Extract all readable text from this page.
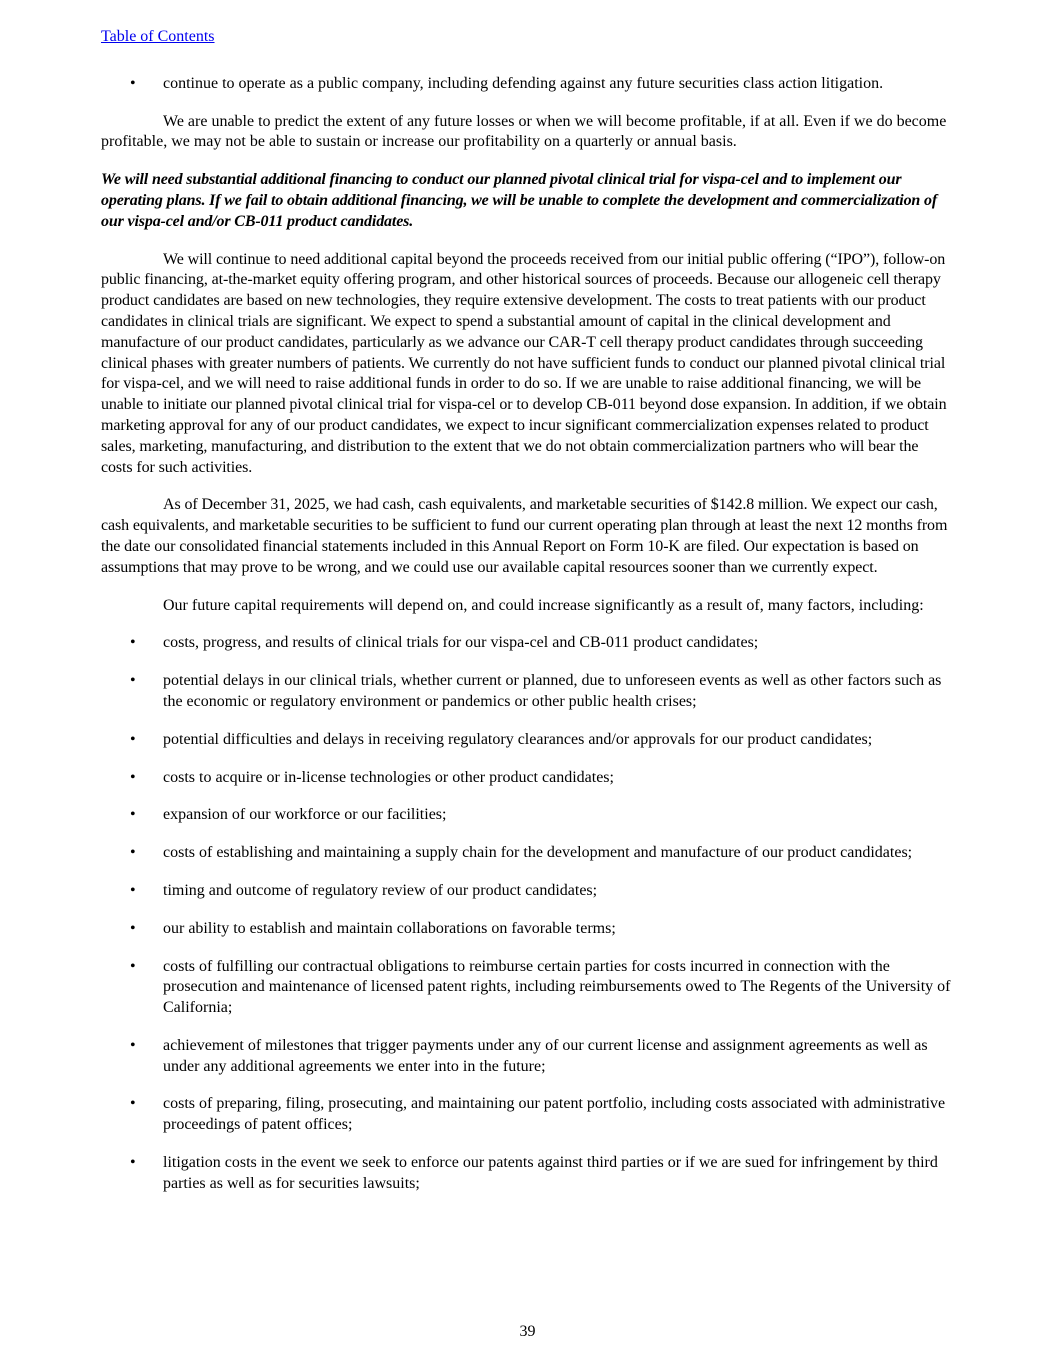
Table of Contents

• continue to operate as a public company, including defending against any future securities class action litigation.

We are unable to predict the extent of any future losses or when we will become profitable, if at all. Even if we do become profitable, we may not be able to sustain or increase our profitability on a quarterly or annual basis.

We will need substantial additional financing to conduct our planned pivotal clinical trial for vispa-cel and to implement our operating plans. If we fail to obtain additional financing, we will be unable to complete the development and commercialization of our vispa-cel and/or CB-011 product candidates.

We will continue to need additional capital beyond the proceeds received from our initial public offering (“IPO”), follow-on public financing, at-the-market equity offering program, and other historical sources of proceeds. Because our allogeneic cell therapy product candidates are based on new technologies, they require extensive development. The costs to treat patients with our product candidates in clinical trials are significant. We expect to spend a substantial amount of capital in the clinical development and manufacture of our product candidates, particularly as we advance our CAR-T cell therapy product candidates through succeeding clinical phases with greater numbers of patients. We currently do not have sufficient funds to conduct our planned pivotal clinical trial for vispa-cel, and we will need to raise additional funds in order to do so. If we are unable to raise additional financing, we will be unable to initiate our planned pivotal clinical trial for vispa-cel or to develop CB-011 beyond dose expansion. In addition, if we obtain marketing approval for any of our product candidates, we expect to incur significant commercialization expenses related to product sales, marketing, manufacturing, and distribution to the extent that we do not obtain commercialization partners who will bear the costs for such activities.

As of December 31, 2025, we had cash, cash equivalents, and marketable securities of $142.8 million. We expect our cash, cash equivalents, and marketable securities to be sufficient to fund our current operating plan through at least the next 12 months from the date our consolidated financial statements included in this Annual Report on Form 10-K are filed. Our expectation is based on assumptions that may prove to be wrong, and we could use our available capital resources sooner than we currently expect.

Our future capital requirements will depend on, and could increase significantly as a result of, many factors, including:

• costs, progress, and results of clinical trials for our vispa-cel and CB-011 product candidates;

• potential delays in our clinical trials, whether current or planned, due to unforeseen events as well as other factors such as the economic or regulatory environment or pandemics or other public health crises;

• potential difficulties and delays in receiving regulatory clearances and/or approvals for our product candidates;

• costs to acquire or in-license technologies or other product candidates;

• expansion of our workforce or our facilities;

• costs of establishing and maintaining a supply chain for the development and manufacture of our product candidates;

• timing and outcome of regulatory review of our product candidates;

• our ability to establish and maintain collaborations on favorable terms;

• costs of fulfilling our contractual obligations to reimburse certain parties for costs incurred in connection with the prosecution and maintenance of licensed patent rights, including reimbursements owed to The Regents of the University of California;

• achievement of milestones that trigger payments under any of our current license and assignment agreements as well as under any additional agreements we enter into in the future;

• costs of preparing, filing, prosecuting, and maintaining our patent portfolio, including costs associated with administrative proceedings of patent offices;

• litigation costs in the event we seek to enforce our patents against third parties or if we are sued for infringement by third parties as well as for securities lawsuits;

39
